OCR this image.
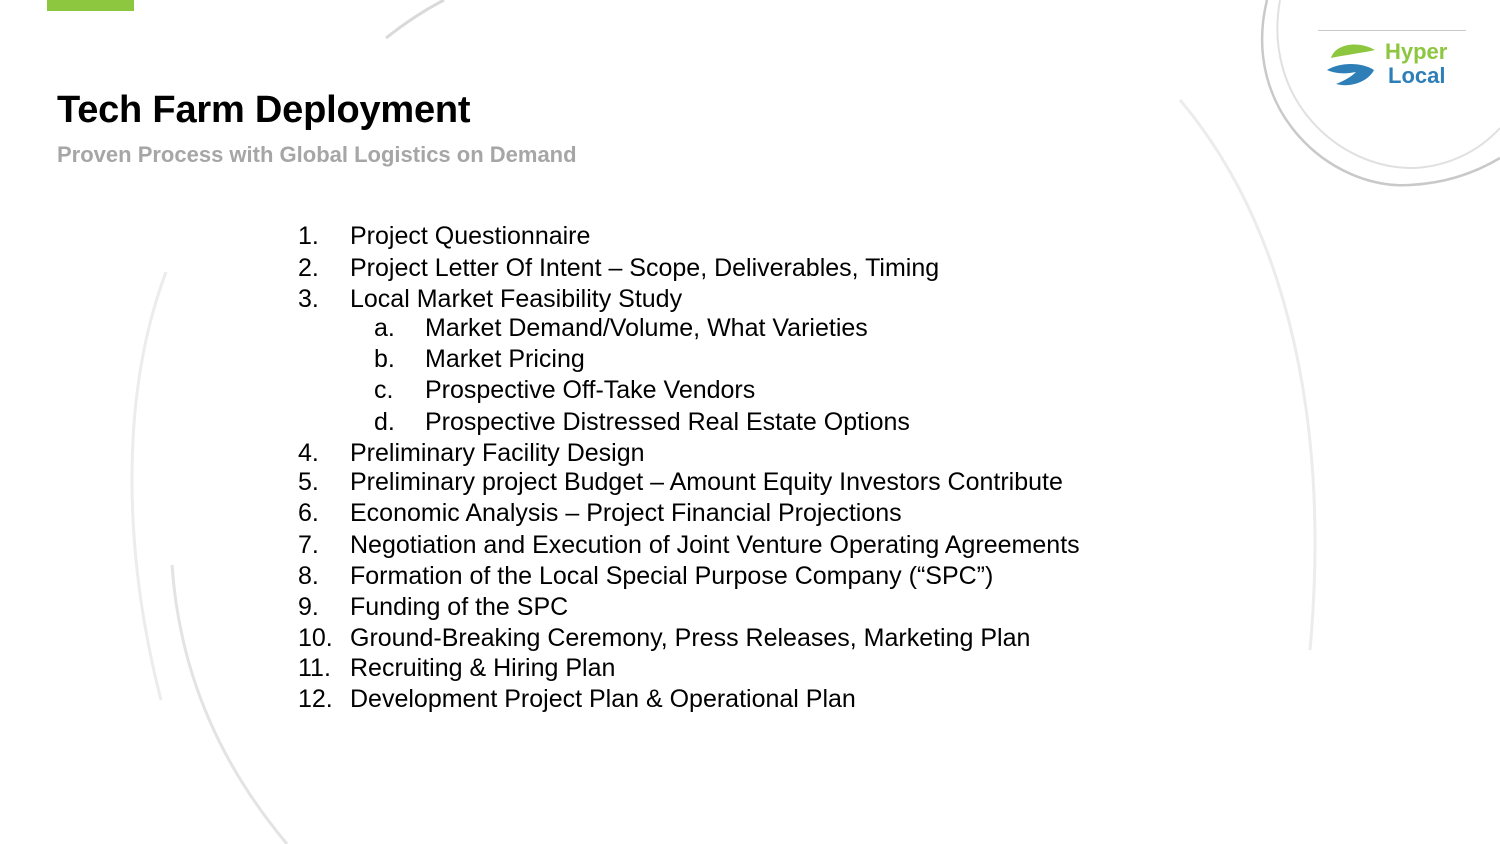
Tech Farm Deployment

Proven Process with Global Logistics on Demand

Hyper
Local
1. Project Questionnaire
2. Project Letter Of Intent – Scope, Deliverables, Timing
3. Local Market Feasibility Study
a. Market Demand/Volume, What Varieties
b. Market Pricing
c. Prospective Off-Take Vendors
d. Prospective Distressed Real Estate Options
4. Preliminary Facility Design
5. Preliminary project Budget – Amount Equity Investors Contribute
6. Economic Analysis – Project Financial Projections
7. Negotiation and Execution of Joint Venture Operating Agreements
8. Formation of the Local Special Purpose Company (“SPC”)
9. Funding of the SPC
10. Ground-Breaking Ceremony, Press Releases, Marketing Plan
11. Recruiting & Hiring Plan
12. Development Project Plan & Operational Plan
